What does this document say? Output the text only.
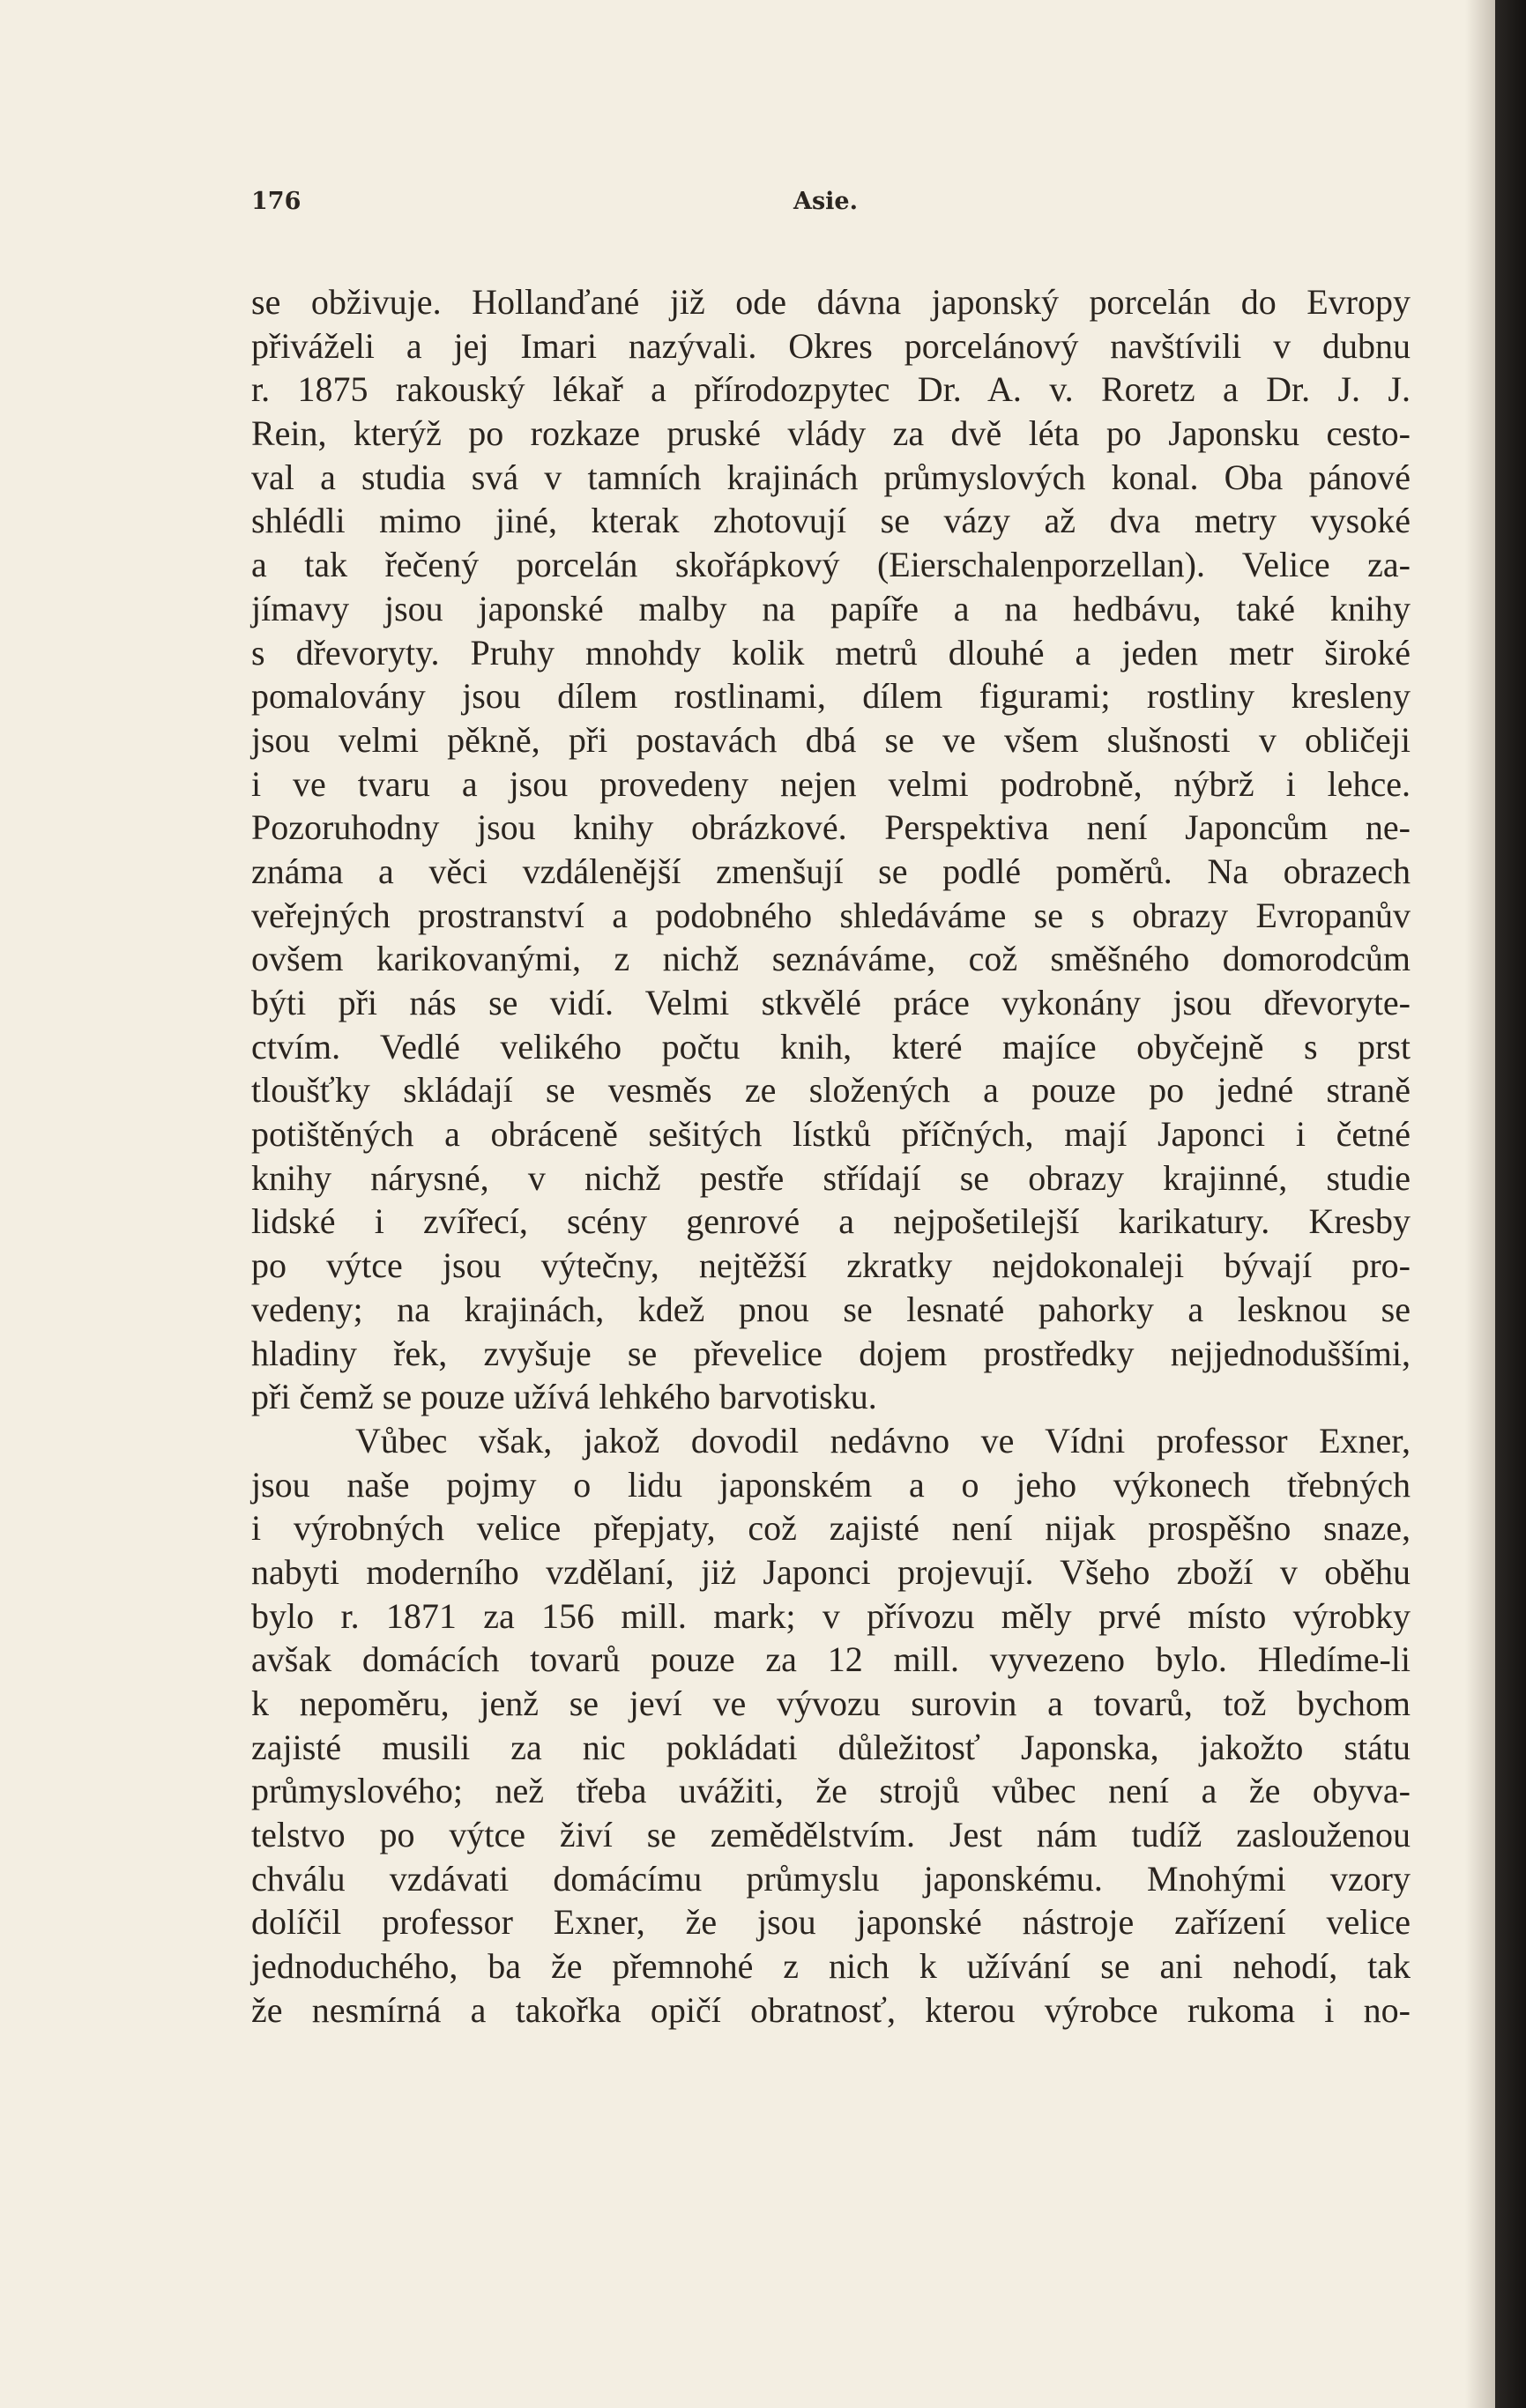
176	Asie.
se obživuje. Hollanďané již ode dávna japonský porcelán do Evropy
přiváželi a jej Imari nazývali. Okres porcelánový navštívili v dubnu
r. 1875 rakouský lékař a přírodozpytec Dr. A. v. Roretz a Dr. J. J.
Rein, kterýž po rozkaze pruské vlády za dvě léta po Japonsku cesto-
val a studia svá v tamních krajinách průmyslových konal. Oba pánové
shlédli mimo jiné, kterak zhotovují se vázy až dva metry vysoké
a tak řečený porcelán skořápkový (Eierschalenporzellan). Velice za-
jímavy jsou japonské malby na papíře a na hedbávu, také knihy
s dřevoryty. Pruhy mnohdy kolik metrů dlouhé a jeden metr široké
pomalovány jsou dílem rostlinami, dílem figurami; rostliny kresleny
jsou velmi pěkně, při postavách dbá se ve všem slušnosti v obličeji
i ve tvaru a jsou provedeny nejen velmi podrobně, nýbrž i lehce.
Pozoruhodny jsou knihy obrázkové. Perspektiva není Japoncům ne-
známa a věci vzdálenější zmenšují se podlé poměrů. Na obrazech
veřejných prostranství a podobného shledáváme se s obrazy Evropanův
ovšem karikovanými, z nichž seznáváme, což směšného domorodcům
býti při nás se vidí. Velmi stkvělé práce vykonány jsou dřevoryte-
ctvím. Vedlé velikého počtu knih, které majíce obyčejně s prst
tloušťky skládají se vesměs ze složených a pouze po jedné straně
potištěných a obráceně sešitých lístků příčných, mají Japonci i četné
knihy nárysné, v nichž pestře střídají se obrazy krajinné, studie
lidské i zvířecí, scény genrové a nejpošetilejší karikatury. Kresby
po výtce jsou výtečny, nejtěžší zkratky nejdokonaleji bývají pro-
vedeny; na krajinách, kdež pnou se lesnaté pahorky a lesknou se
hladiny řek, zvyšuje se převelice dojem prostředky nejjednoduššími,
při čemž se pouze užívá lehkého barvotisku.
Vůbec však, jakož dovodil nedávno ve Vídni professor Exner,
jsou naše pojmy o lidu japonském a o jeho výkonech třebných
i výrobných velice přepjaty, což zajisté není nijak prospěšno snaze,
nabyti moderního vzdělaní, jiż Japonci projevují. Všeho zboží v oběhu
bylo r. 1871 za 156 mill. mark; v přívozu měly prvé místo výrobky
avšak domácích tovarů pouze za 12 mill. vyvezeno bylo. Hledíme-li
k nepoměru, jenž se jeví ve vývozu surovin a tovarů, tož bychom
zajisté musili za nic pokládati důležitosť Japonska, jakožto státu
průmyslového; než třeba uvážiti, že strojů vůbec není a že obyva-
telstvo po výtce živí se zemědělstvím. Jest nám tudíž zaslouženou
chválu vzdávati domácímu průmyslu japonskému. Mnohými vzory
dolíčil professor Exner, že jsou japonské nástroje zařízení velice
jednoduchého, ba že přemnohé z nich k užívání se ani nehodí, tak
že nesmírná a takořka opičí obratnosť, kterou výrobce rukoma i no-
